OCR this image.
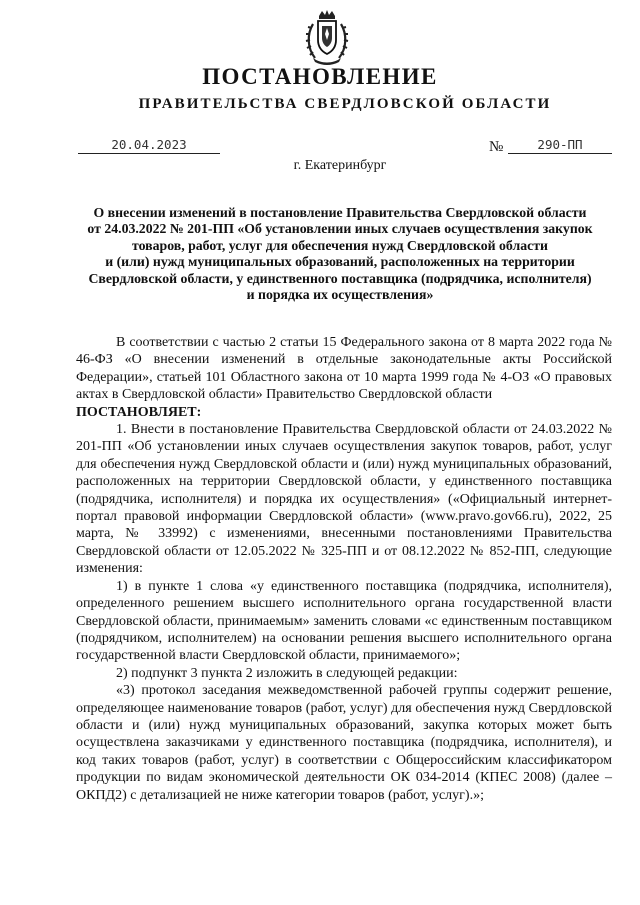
ПОСТАНОВЛЕНИЕ
ПРАВИТЕЛЬСТВА СВЕРДЛОВСКОЙ ОБЛАСТИ
20.04.2023	№	290-ПП
г. Екатеринбург
О внесении изменений в постановление Правительства Свердловской области
от 24.03.2022 № 201-ПП «Об установлении иных случаев осуществления закупок
товаров, работ, услуг для обеспечения нужд Свердловской области
и (или) нужд муниципальных образований, расположенных на территории
Свердловской области, у единственного поставщика (подрядчика, исполнителя)
и порядка их осуществления»

В соответствии с частью 2 статьи 15 Федерального закона от 8 марта 2022 года № 46-ФЗ «О внесении изменений в отдельные законодательные акты Российской Федерации», статьей 101 Областного закона от 10 марта 1999 года № 4-ОЗ «О правовых актах в Свердловской области» Правительство Свердловской области

ПОСТАНОВЛЯЕТ:

1. Внести в постановление Правительства Свердловской области от 24.03.2022 № 201-ПП «Об установлении иных случаев осуществления закупок товаров, работ, услуг для обеспечения нужд Свердловской области и (или) нужд муниципальных образований, расположенных на территории Свердловской области, у единственного поставщика (подрядчика, исполнителя) и порядка их осуществления» («Официальный интернет-портал правовой информации Свердловской области» (www.pravo.gov66.ru), 2022, 25 марта, № 33992) с изменениями, внесенными постановлениями Правительства Свердловской области от 12.05.2022 № 325-ПП и от 08.12.2022 № 852-ПП, следующие изменения:

1) в пункте 1 слова «у единственного поставщика (подрядчика, исполнителя), определенного решением высшего исполнительного органа государственной власти Свердловской области, принимаемым» заменить словами «с единственным поставщиком (подрядчиком, исполнителем) на основании решения высшего исполнительного органа государственной власти Свердловской области, принимаемого»;

2) подпункт 3 пункта 2 изложить в следующей редакции:

«3) протокол заседания межведомственной рабочей группы содержит решение, определяющее наименование товаров (работ, услуг) для обеспечения нужд Свердловской области и (или) нужд муниципальных образований, закупка которых может быть осуществлена заказчиками у единственного поставщика (подрядчика, исполнителя), и код таких товаров (работ, услуг) в соответствии с Общероссийским классификатором продукции по видам экономической деятельности ОК 034-2014 (КПЕС 2008) (далее – ОКПД2) с детализацией не ниже категории товаров (работ, услуг).»;
